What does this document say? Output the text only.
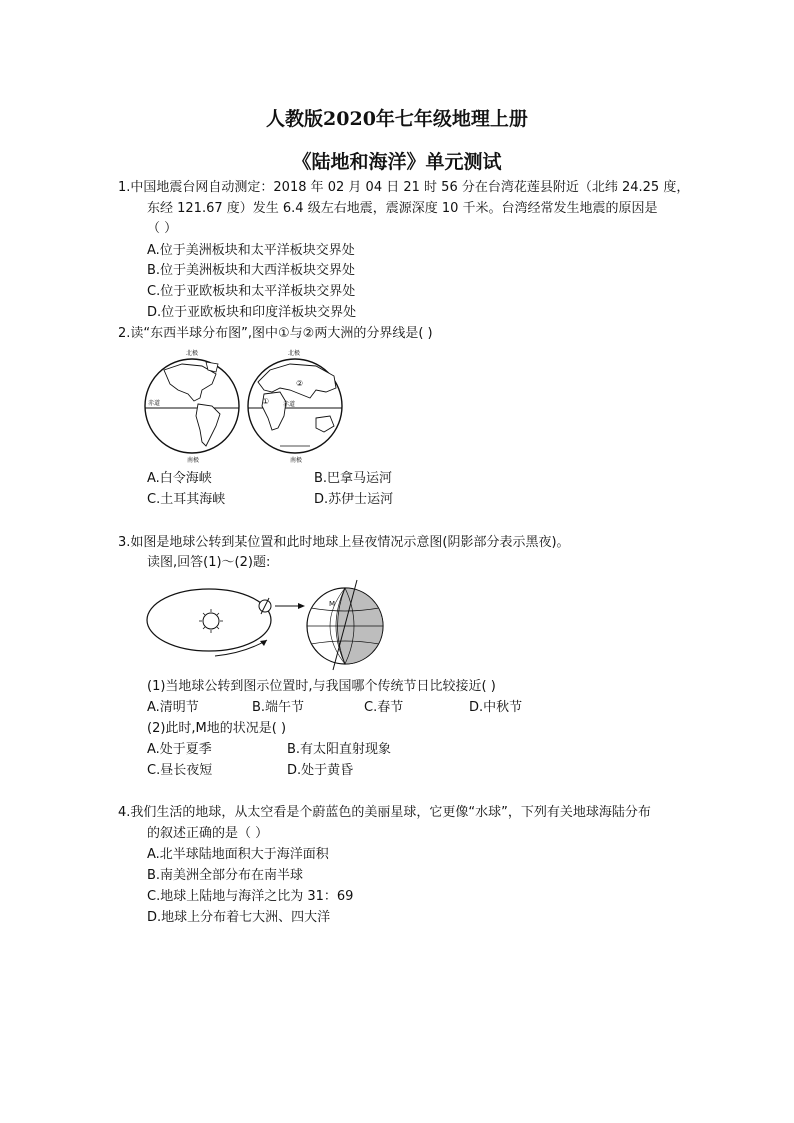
人教版2020年七年级地理上册
《陆地和海洋》单元测试
1.中国地震台网自动测定：2018 年 02 月 04 日 21 时 56 分在台湾花莲县附近（北纬 24.25 度，
东经 121.67 度）发生 6.4 级左右地震，震源深度 10 千米。台湾经常发生地震的原因是
（ ）
A.位于美洲板块和太平洋板块交界处
B.位于美洲板块和大西洋板块交界处
C.位于亚欧板块和太平洋板块交界处
D.位于亚欧板块和印度洋板块交界处
2.读“东西半球分布图”,图中①与②两大洲的分界线是( )
北极
赤道
南极
北极
赤道
南极
①
②
A.白令海峡	B.巴拿马运河
C.土耳其海峡	D.苏伊士运河
3.如图是地球公转到某位置和此时地球上昼夜情况示意图(阴影部分表示黑夜)。
读图,回答(1)～(2)题:
M
(1)当地球公转到图示位置时,与我国哪个传统节日比较接近( )
A.清明节	B.端午节	C.春节	D.中秋节
(2)此时,M地的状况是( )
A.处于夏季	B.有太阳直射现象
C.昼长夜短	D.处于黄昏
4.我们生活的地球，从太空看是个蔚蓝色的美丽星球，它更像“水球”，下列有关地球海陆分布
的叙述正确的是（ ）
A.北半球陆地面积大于海洋面积
B.南美洲全部分布在南半球
C.地球上陆地与海洋之比为 31：69
D.地球上分布着七大洲、四大洋
